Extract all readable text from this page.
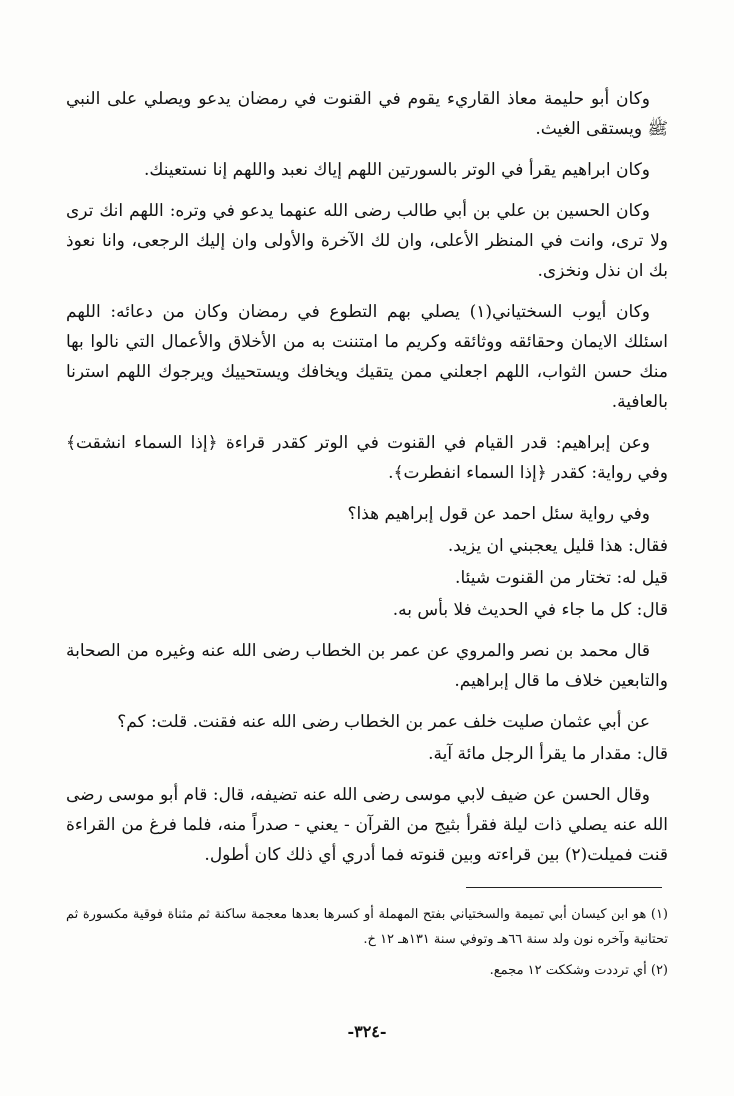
وكان أبو حليمة معاذ القاريء يقوم في القنوت في رمضان يدعو ويصلي على النبي ﷺ ويستقى الغيث.

وكان ابراهيم يقرأ في الوتر بالسورتين اللهم إياك نعبد واللهم إنا نستعينك.

وكان الحسين بن علي بن أبي طالب رضى الله عنهما يدعو في وتره: اللهم انك ترى ولا ترى، وانت في المنظر الأعلى، وان لك الآخرة والأولى وان إليك الرجعى، وانا نعوذ بك ان نذل ونخزى.

وكان أيوب السختياني(١) يصلي بهم التطوع في رمضان وكان من دعائه: اللهم اسئلك الايمان وحقائقه ووثائقه وكريم ما امتننت به من الأخلاق والأعمال التي نالوا بها منك حسن الثواب، اللهم اجعلني ممن يتقيك ويخافك ويستحييك ويرجوك اللهم استرنا بالعافية.

وعن إبراهيم: قدر القيام في القنوت في الوتر كقدر قراءة ﴿إذا السماء انشقت﴾ وفي رواية: كقدر ﴿إذا السماء انفطرت﴾.

وفي رواية سئل احمد عن قول إبراهيم هذا؟

فقال: هذا قليل يعجبني ان يزيد.

قيل له: تختار من القنوت شيئا.

قال: كل ما جاء في الحديث فلا بأس به.

قال محمد بن نصر والمروي عن عمر بن الخطاب رضى الله عنه وغيره من الصحابة والتابعين خلاف ما قال إبراهيم.

عن أبي عثمان صليت خلف عمر بن الخطاب رضى الله عنه فقنت. قلت: كم؟

قال: مقدار ما يقرأ الرجل مائة آية.

وقال الحسن عن ضيف لابي موسى رضى الله عنه تضيفه، قال: قام أبو موسى رضى الله عنه يصلي ذات ليلة فقرأ بثيج من القرآن - يعني - صدراً منه، فلما فرغ من القراءة قنت فميلت(٢) بين قراءته وبين قنوته فما أدري أي ذلك كان أطول.

(١) هو ابن كيسان أبي تميمة والسختياني بفتح المهملة أو كسرها بعدها معجمة ساكنة ثم مثناة فوقية مكسورة ثم تحتانية وآخره نون ولد سنة ٦٦هـ وتوفي سنة ١٣١هـ ١٢ خ.

(٢) أي ترددت وشككت ١٢ مجمع.

-٣٢٤-
